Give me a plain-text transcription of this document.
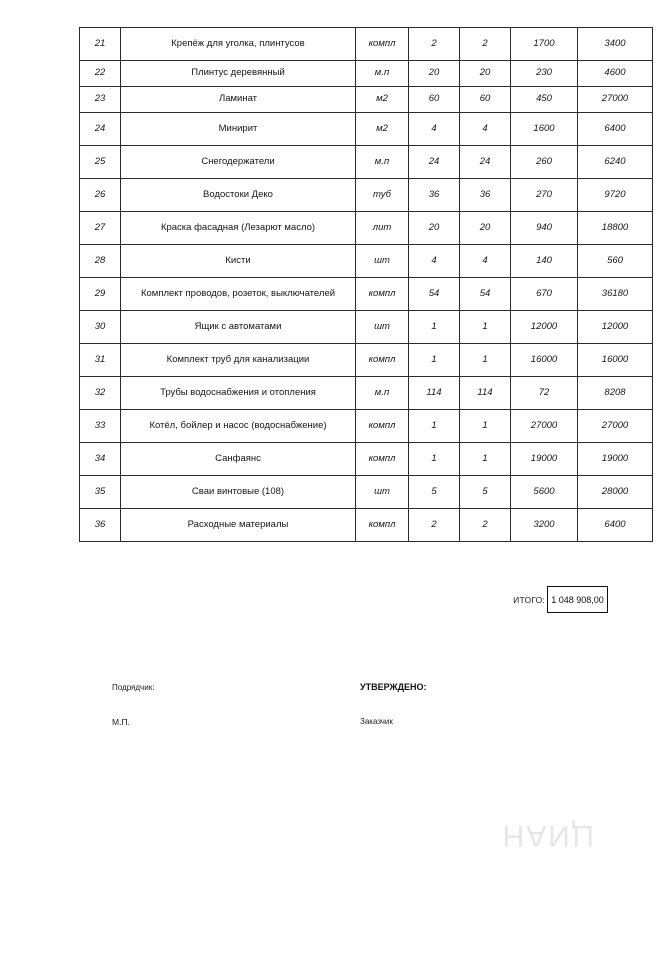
21	Крепёж для уголка, плинтусов	компл	2	2	1700	3400
22	Плинтус деревянный	м.п	20	20	230	4600
23	Ламинат	м2	60	60	450	27000
24	Минирит	м2	4	4	1600	6400
25	Снегодержатели	м.п	24	24	260	6240
26	Водостоки Деко	туб	36	36	270	9720
27	Краска фасадная (Лезарют масло)	лит	20	20	940	18800
28	Кисти	шт	4	4	140	560
29	Комплект проводов, розеток, выключателей	компл	54	54	670	36180
30	Ящик с автоматами	шт	1	1	12000	12000
31	Комплект труб для канализации	компл	1	1	16000	16000
32	Трубы водоснабжения и отопления	м.п	114	114	72	8208
33	Котёл, бойлер и насос (водоснабжение)	компл	1	1	27000	27000
34	Санфаянс	компл	1	1	19000	19000
35	Сваи винтовые (108)	шт	5	5	5600	28000
36	Расходные материалы	компл	2	2	3200	6400
ИТОГО: 1 048 908,00
Подрядчик:	УТВЕРЖДЕНО:
М.П.	Заказчик
ЦИАН
